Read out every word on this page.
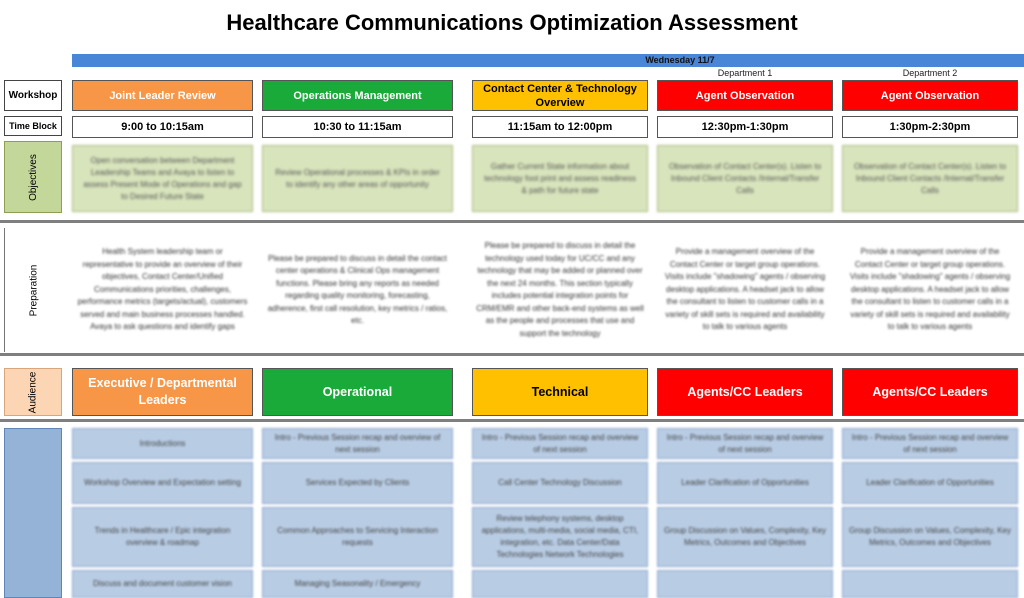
Healthcare Communications Optimization Assessment
Wednesday 11/7
Department 1	Department 2
Workshop
Time Block
Objectives
Preparation
Audience
Joint Leader Review
9:00 to 10:15am
Open conversation between Department Leadership Teams and Avaya to listen to assess Present Mode of Operations and gap to Desired Future State
Health System leadership team or representative to provide an overview of their objectives, Contact Center/Unified Communications priorities, challenges, performance metrics (targets/actual), customers served and main business processes handled. Avaya to ask questions and identify gaps
Executive / Departmental Leaders
Introductions
Workshop Overview and Expectation setting
Trends in Healthcare / Epic integration overview & roadmap
Discuss and document customer vision
Operations Management
10:30 to 11:15am
Review Operational processes & KPIs in order to identify any other areas of opportunity
Please be prepared to discuss in detail the contact center operations & Clinical Ops management functions. Please bring any reports as needed regarding quality monitoring, forecasting, adherence, first call resolution, key metrics / ratios, etc.
Operational
Intro - Previous Session recap and overview of next session
Services Expected by Clients
Common Approaches to Servicing Interaction requests
Managing Seasonality / Emergency
Contact Center & Technology Overview
11:15am to 12:00pm
Gather Current State information about technology foot print and assess readiness & path for future state
Please be prepared to discuss in detail the technology used today for UC/CC and any technology that may be added or planned over the next 24 months. This section typically includes potential integration points for CRM/EMR and other back-end systems as well as the people and processes that use and support the technology
Technical
Intro - Previous Session recap and overview of next session
Call Center Technology Discussion
Review telephony systems, desktop applications, multi-media, social media, CTI, integration, etc. Data Center/Data Technologies Network Technologies
Agent Observation
12:30pm-1:30pm
Observation of Contact Center(s). Listen to Inbound Client Contacts /Internal/Transfer Calls
Provide a management overview of the Contact Center or target group operations. Visits include "shadowing" agents / observing desktop applications. A headset jack to allow the consultant to listen to customer calls in a variety of skill sets is required and availability to talk to various agents
Agents/CC Leaders
Intro - Previous Session recap and overview of next session
Leader Clarification of Opportunities
Group Discussion on Values, Complexity, Key Metrics, Outcomes and Objectives
Agent Observation
1:30pm-2:30pm
Observation of Contact Center(s). Listen to Inbound Client Contacts /Internal/Transfer Calls
Provide a management overview of the Contact Center or target group operations. Visits include "shadowing" agents / observing desktop applications. A headset jack to allow the consultant to listen to customer calls in a variety of skill sets is required and availability to talk to various agents
Agents/CC Leaders
Intro - Previous Session recap and overview of next session
Leader Clarification of Opportunities
Group Discussion on Values, Complexity, Key Metrics, Outcomes and Objectives
